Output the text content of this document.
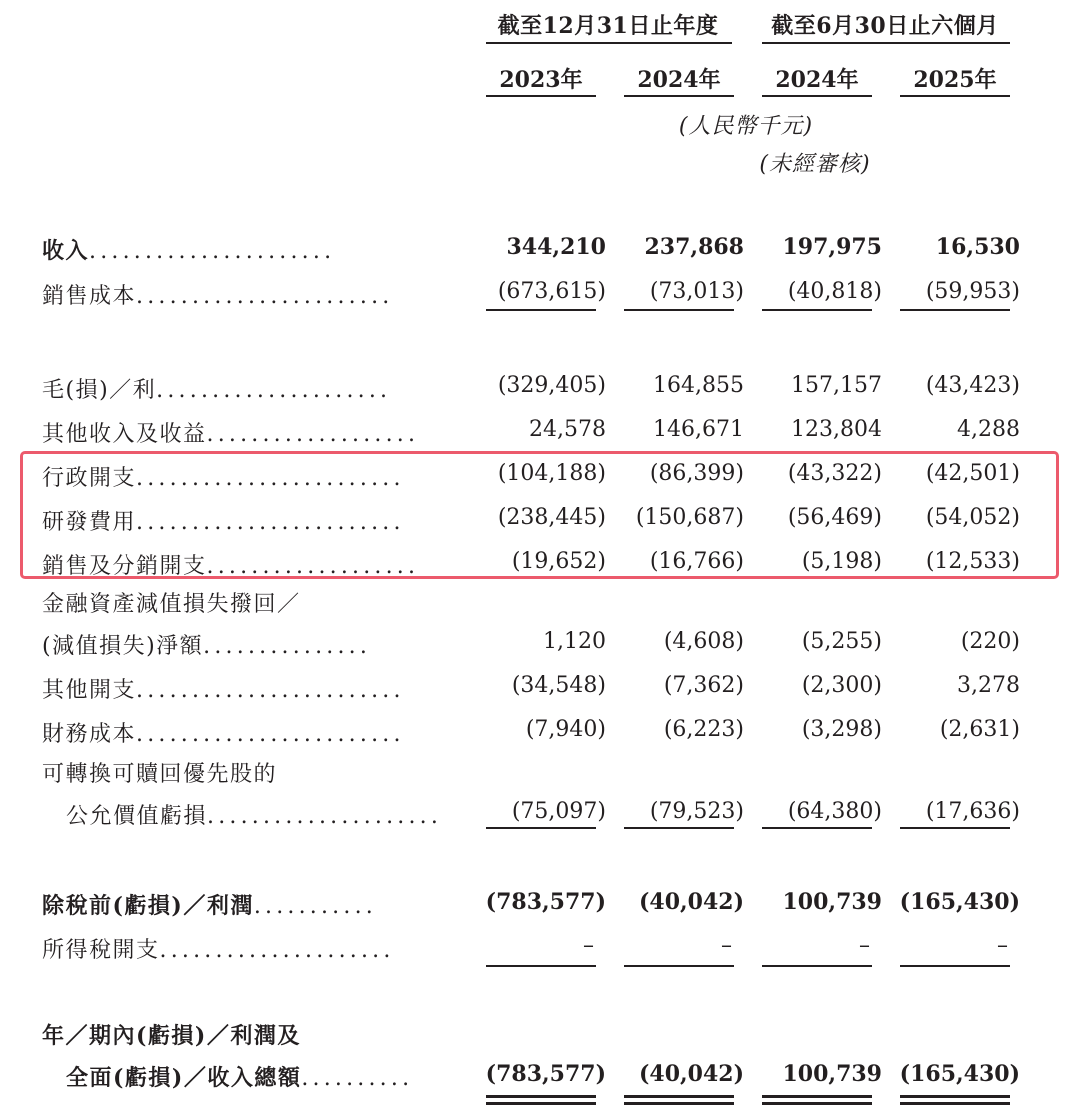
截至12月31日止年度	截至6月30日止六個月
2023年	2024年	2024年	2025年
(人民幣千元)
(未經審核)
收入......................	344,210	237,868	197,975	16,530
銷售成本.......................	(673,615)	(73,013)	(40,818)	(59,953)
毛(損)／利.....................	(329,405)	164,855	157,157	(43,423)
其他收入及收益...................	24,578	146,671	123,804	4,288
行政開支........................	(104,188)	(86,399)	(43,322)	(42,501)
研發費用........................	(238,445)	(150,687)	(56,469)	(54,052)
銷售及分銷開支...................	(19,652)	(16,766)	(5,198)	(12,533)
金融資產減值損失撥回／
(減值損失)淨額...............	1,120	(4,608)	(5,255)	(220)
其他開支........................	(34,548)	(7,362)	(2,300)	3,278
財務成本........................	(7,940)	(6,223)	(3,298)	(2,631)
可轉換可贖回優先股的
公允價值虧損.....................	(75,097)	(79,523)	(64,380)	(17,636)
除稅前(虧損)／利潤...........	(783,577)	(40,042)	100,739 (165,430)
所得稅開支.....................	–	–	–	–
年／期內(虧損)／利潤及
全面(虧損)／收入總額..........	(783,577)	(40,042)	100,739 (165,430)
